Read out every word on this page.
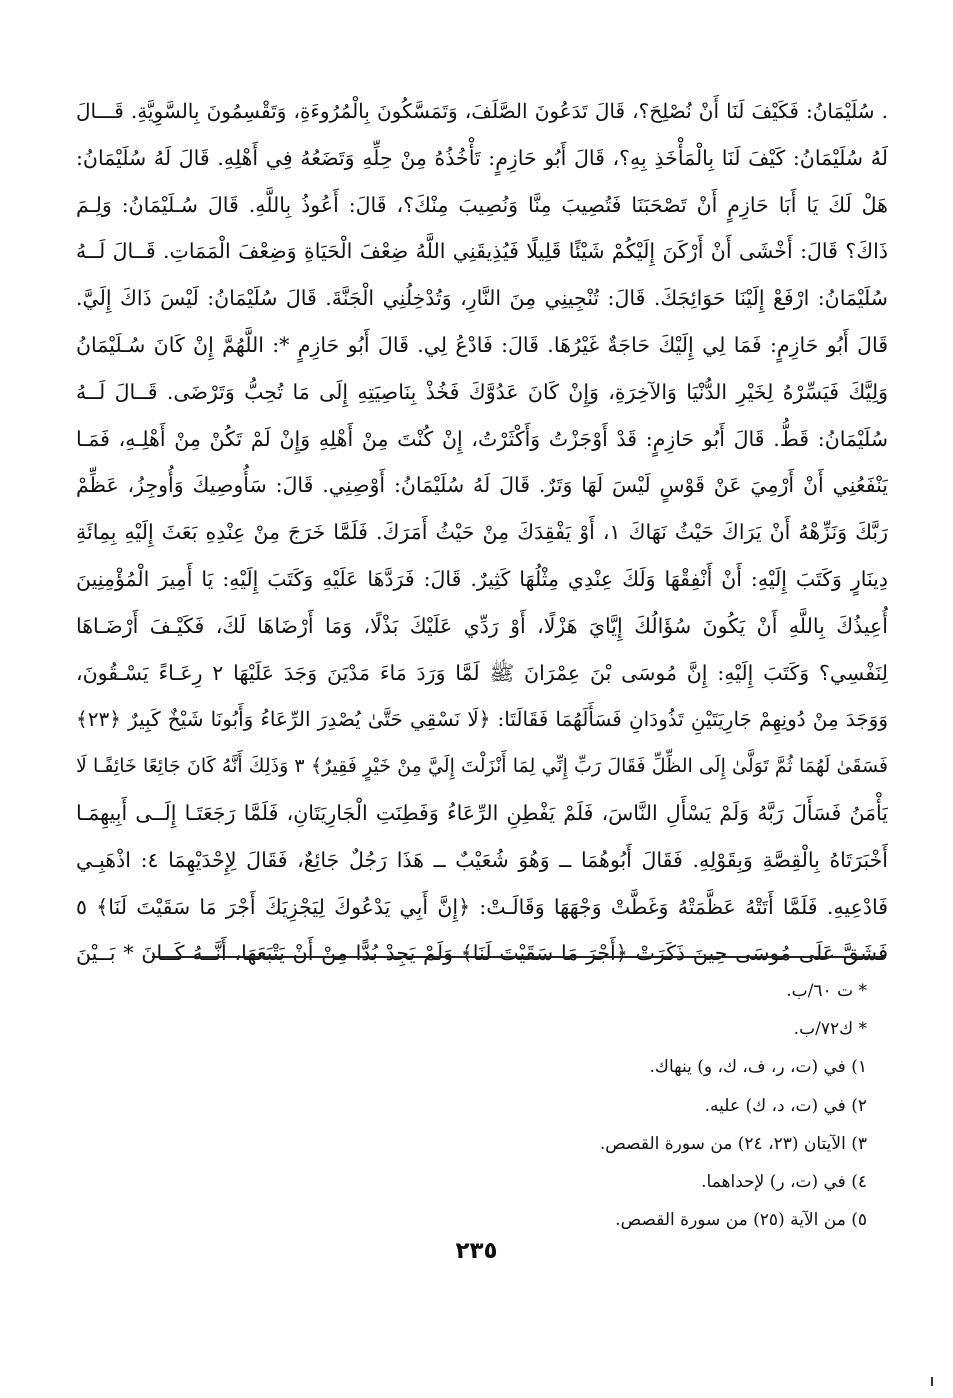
. سُلَيْمَانُ: فَكَيْفَ لَنَا أَنْ نُصْلِحَ؟، قَالَ تَدَعُونَ الصَّلَفَ، وَتَمَسَّكُونَ بِالْمُرُوءَةِ، وَتَقْسِمُونَ بِالسَّوِيَّةِ. قَـــالَ
لَهُ سُلَيْمَانُ: كَيْفَ لَنَا بِالْمَأْخَذِ بِهِ؟، قَالَ أَبُو حَازِمٍ: تَأْخُذُهُ مِنْ حِلِّهِ وَتَضَعُهُ فِي أَهْلِهِ. قَالَ لَهُ سُلَيْمَانُ:
هَلْ لَكَ يَا أَبَا حَازِمٍ أَنْ تَصْحَبَنَا فَتُصِيبَ مِنَّا وَنُصِيبَ مِنْكَ؟، قَالَ: أَعُوذُ بِاللَّهِ. قَالَ سُـلَيْمَانُ: وَلِـمَ
ذَاكَ؟ قَالَ: أَخْشَى أَنْ أَرْكَنَ إِلَيْكُمْ شَيْئًا قَلِيلًا فَيُذِيقَنِي اللَّهُ ضِعْفَ الْحَيَاةِ وَضِعْفَ الْمَمَاتِ. قَــالَ لَــهُ
سُلَيْمَانُ: ارْفَعْ إِلَيْنَا حَوَائِجَكَ. قَالَ: تُنْجِينِي مِنَ النَّارِ، وَتُدْخِلُنِي الْجَنَّةَ. قَالَ سُلَيْمَانُ: لَيْسَ ذَاكَ إِلَيَّ.
قَالَ أَبُو حَازِمٍ: فَمَا لِي إِلَيْكَ حَاجَةٌ غَيْرُهَا. قَالَ: فَادْعُ لِي. قَالَ أَبُو حَازِمٍ *: اللَّهُمَّ إِنْ كَانَ سُـلَيْمَانُ
وَلِيَّكَ فَيَسِّرْهُ لِخَيْرِ الدُّنْيَا وَالآخِرَةِ، وَإِنْ كَانَ عَدُوَّكَ فَخُذْ بِنَاصِيَتِهِ إِلَى مَا تُحِبُّ وَتَرْضَى. قَــالَ لَــهُ
سُلَيْمَانُ: قَطُّ. قَالَ أَبُو حَازِمٍ: قَدْ أَوْجَزْتُ وَأَكْثَرْتُ، إِنْ كُنْتَ مِنْ أَهْلِهِ وَإِنْ لَمْ تَكُنْ مِنْ أَهْلِـهِ، فَمَـا
يَنْفَعُنِي أَنْ أَرْمِيَ عَنْ قَوْسٍ لَيْسَ لَهَا وَتَرٌ. قَالَ لَهُ سُلَيْمَانُ: أَوْصِنِي. قَالَ: سَأُوصِيكَ وَأُوجِزُ، عَظِّمْ
رَبَّكَ وَنَزِّهْهُ أَنْ يَرَاكَ حَيْثُ نَهَاكَ ١، أَوْ يَفْقِدَكَ مِنْ حَيْثُ أَمَرَكَ. فَلَمَّا خَرَجَ مِنْ عِنْدِهِ بَعَثَ إِلَيْهِ بِمِائَةِ
دِينَارٍ وَكَتَبَ إِلَيْهِ: أَنْ أَنْفِقْهَا وَلَكَ عِنْدِي مِثْلُهَا كَثِيرٌ. قَالَ: فَرَدَّهَا عَلَيْهِ وَكَتَبَ إِلَيْهِ: يَا أَمِيرَ الْمُؤْمِنِينَ
أُعِيذُكَ بِاللَّهِ أَنْ يَكُونَ سُؤَالُكَ إِيَّايَ هَزْلًا، أَوْ رَدِّي عَلَيْكَ بَذْلًا، وَمَا أَرْضَاهَا لَكَ، فَكَيْـفَ أَرْضَـاهَا
لِنَفْسِي؟ وَكَتَبَ إِلَيْهِ: إِنَّ مُوسَى بْنَ عِمْرَانَ ﷺ لَمَّا وَرَدَ مَاءَ مَدْيَنَ وَجَدَ عَلَيْهَا ٢ رِعَـاءً يَسْـقُونَ،
وَوَجَدَ مِنْ دُونِهِمْ جَارِيَتَيْنِ تَذُودَانِ فَسَأَلَهُمَا فَقَالَتَا: ﴿لَا نَسْقِي حَتَّىٰ يُصْدِرَ الرِّعَاءُ وَأَبُونَا شَيْخٌ كَبِيرٌ ﴿٢٣﴾
فَسَقَىٰ لَهُمَا ثُمَّ تَوَلَّىٰ إِلَى الظِّلِّ فَقَالَ رَبِّ إِنِّي لِمَا أَنْزَلْتَ إِلَيَّ مِنْ خَيْرٍ فَقِيرٌ﴾ ٣ وَذَلِكَ أَنَّهُ كَانَ جَائِعًا خَائِفًـا لَا
يَأْمَنُ فَسَأَلَ رَبَّهُ وَلَمْ يَسْأَلِ النَّاسَ، فَلَمْ يَفْطِنِ الرِّعَاءُ وَفَطِنَتِ الْجَارِيَتَانِ، فَلَمَّا رَجَعَتَـا إِلَــى أَبِيهِمَـا
أَخْبَرَتَاهُ بِالْقِصَّةِ وَبِقَوْلِهِ. فَقَالَ أَبُوهُمَا ــ وَهُوَ شُعَيْبٌ ــ هَذَا رَجُلٌ جَائِعٌ، فَقَالَ لِإِحْدَيْهِمَا ٤: اذْهَبِـي
فَادْعِيهِ. فَلَمَّا أَتَتْهُ عَظَّمَتْهُ وَغَطَّتْ وَجْهَهَا وَقَالَـتْ: ﴿إِنَّ أَبِي يَدْعُوكَ لِيَجْزِيَكَ أَجْرَ مَا سَقَيْتَ لَنَا﴾ ٥
فَشَقَّ عَلَى مُوسَى حِينَ ذَكَرَتْ ﴿أَجْرَ مَا سَقَيْتَ لَنَا﴾ وَلَمْ يَجِدْ بُدًّا مِنْ أَنْ يَتْبَعَهَا، أَنَّــهُ كَــانَ * بَــيْنَ
* ت ٦٠/ب.
* ك٧٢/ب.
١) في (ت، ر، ف، ك، و) ينهاك.
٢) في (ت، د، ك) عليه.
٣) الآيتان (٢٣، ٢٤) من سورة القصص.
٤) في (ت، ر) لإحداهما.
٥) من الآية (٢٥) من سورة القصص.
٢٣٥
